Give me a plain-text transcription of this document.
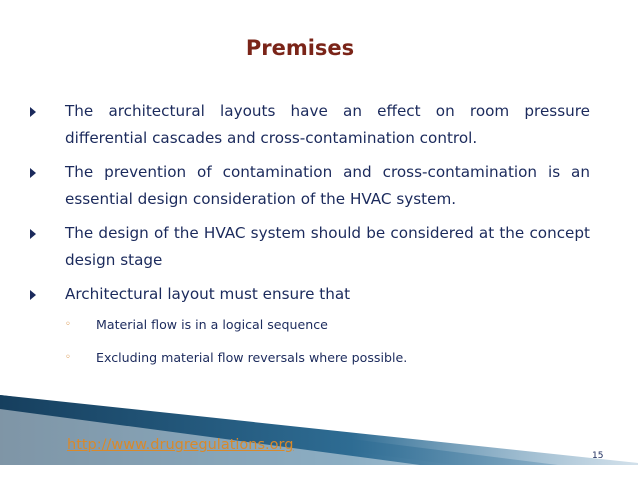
Premises
The architectural layouts have an effect on room pressure differential cascades and cross-contamination control.
The prevention of contamination and cross-contamination is an essential design consideration of the HVAC system.
The design of the HVAC system should be considered at the concept design stage
Architectural layout must ensure that
◦ Material flow is in a logical sequence
◦ Excluding material flow reversals where possible.

http://www.drugregulations.org

15
